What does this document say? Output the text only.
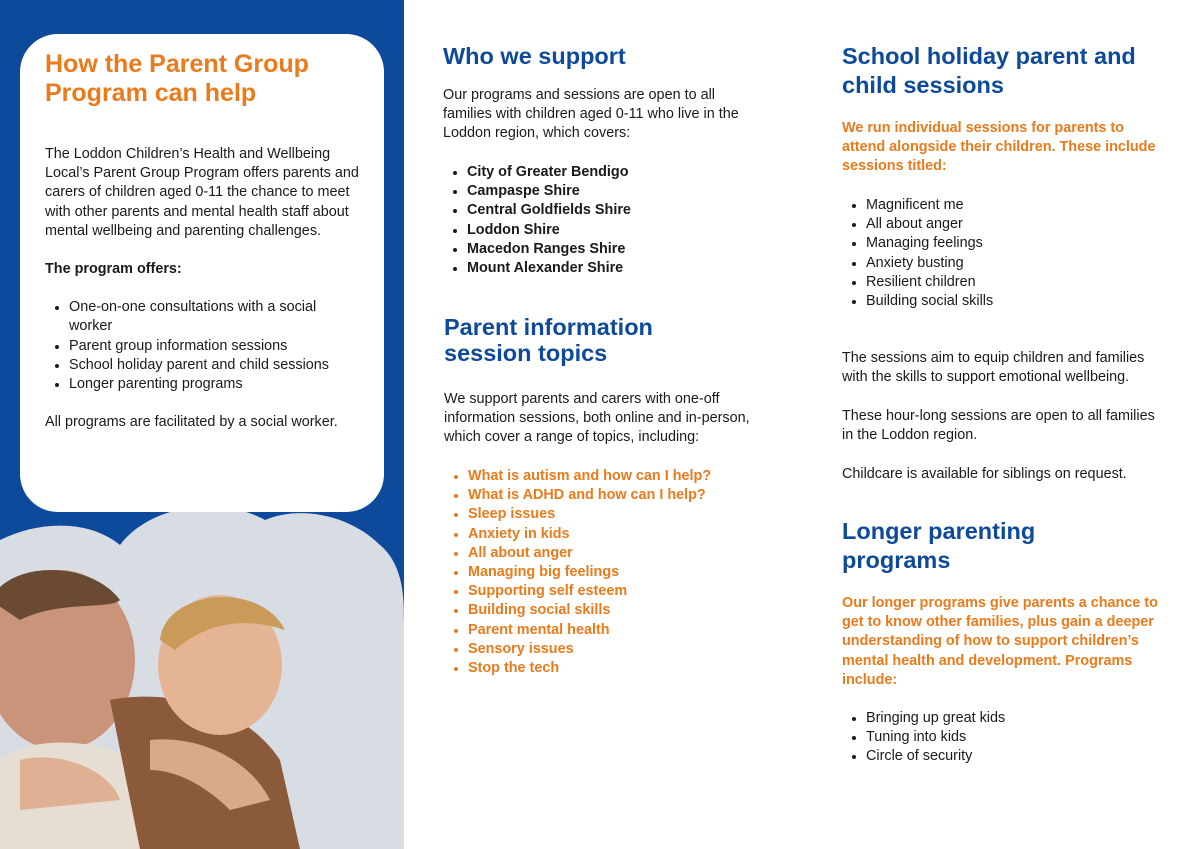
How the Parent Group Program can help

The Loddon Children’s Health and Wellbeing Local’s Parent Group Program offers parents and carers of children aged 0-11 the chance to meet with other parents and mental health staff about mental wellbeing and parenting challenges.

The program offers:

One-on-one consultations with a social worker
Parent group information sessions
School holiday parent and child sessions
Longer parenting programs

All programs are facilitated by a social worker.

Who we support

Our programs and sessions are open to all families with children aged 0-11 who live in the Loddon region, which covers:

City of Greater Bendigo
Campaspe Shire
Central Goldfields Shire
Loddon Shire
Macedon Ranges Shire
Mount Alexander Shire
Parent information
session topics

We support parents and carers with one-off information sessions, both online and in-person, which cover a range of topics, including:

What is autism and how can I help?
What is ADHD and how can I help?
Sleep issues
Anxiety in kids
All about anger
Managing big feelings
Supporting self esteem
Building social skills
Parent mental health
Sensory issues
Stop the tech
School holiday parent and child sessions

We run individual sessions for parents to attend alongside their children. These include sessions titled:

Magnificent me
All about anger
Managing feelings
Anxiety busting
Resilient children
Building social skills

The sessions aim to equip children and families with the skills to support emotional wellbeing.

These hour-long sessions are open to all families in the Loddon region.

Childcare is available for siblings on request.

Longer parenting programs

Our longer programs give parents a chance to get to know other families, plus gain a deeper understanding of how to support children’s mental health and development. Programs include:

Bringing up great kids
Tuning into kids
Circle of security
